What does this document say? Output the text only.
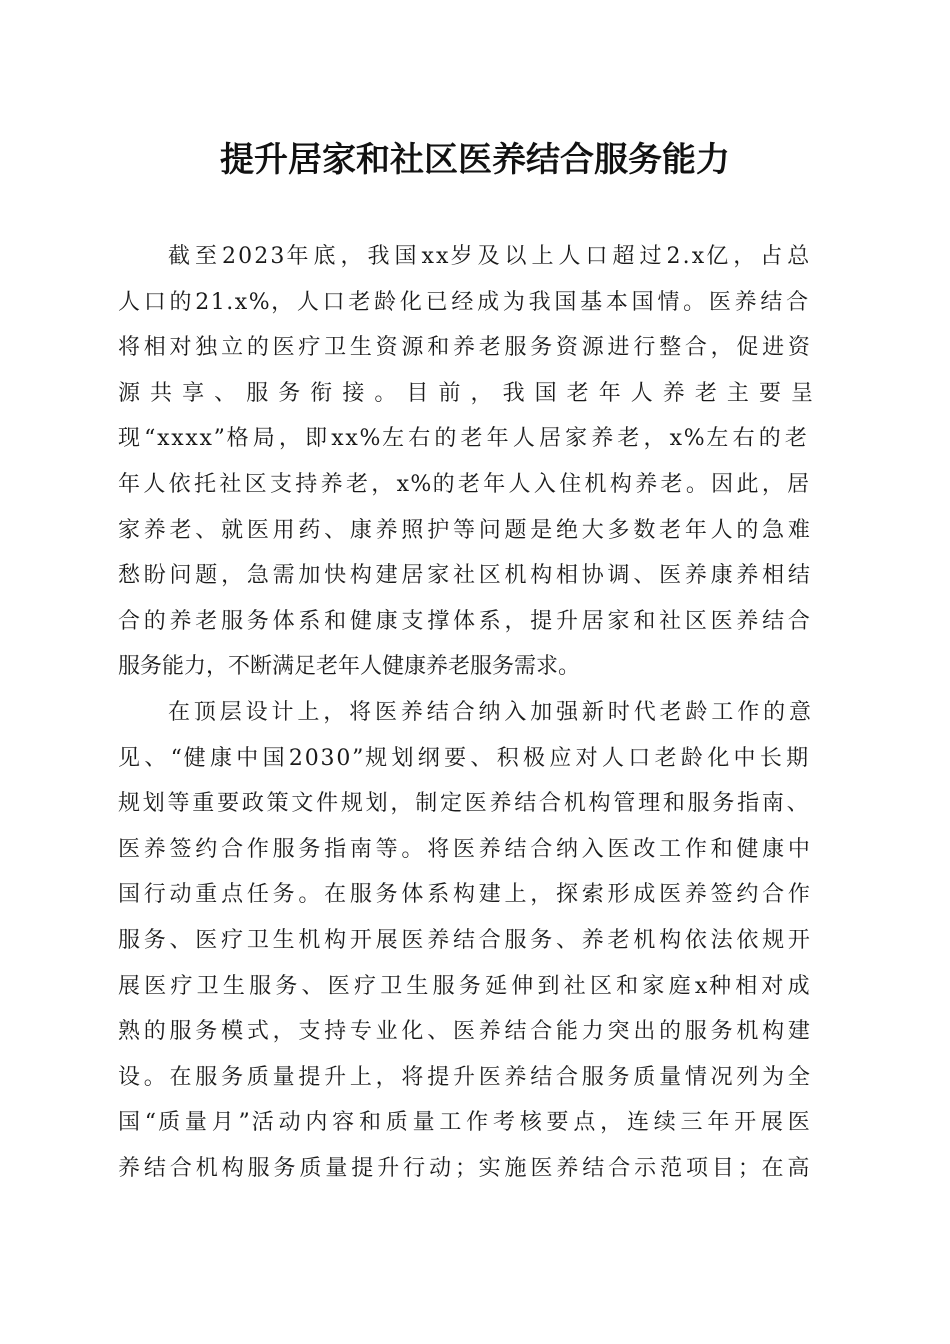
提升居家和社区医养结合服务能力
截 至 2 0 2 3 年 底 ， 我 国 x x 岁 及 以 上 人 口 超 过 2 . x 亿 ， 占 总
人 口 的 2 1 . x % ， 人 口 老 龄 化 已 经 成 为 我 国 基 本 国 情 。 医 养 结 合
将 相 对 独 立 的 医 疗 卫 生 资 源 和 养 老 服 务 资 源 进 行 整 合 ， 促 进 资
源 共 享 、 服 务 衔 接 。 目 前 ， 我 国 老 年 人 养 老 主 要 呈
现 “ x x x x ” 格 局 ， 即 x x % 左 右 的 老 年 人 居 家 养 老 ， x % 左 右 的 老
年 人 依 托 社 区 支 持 养 老 ， x % 的 老 年 人 入 住 机 构 养 老 。 因 此 ， 居
家 养 老 、 就 医 用 药 、 康 养 照 护 等 问 题 是 绝 大 多 数 老 年 人 的 急 难
愁 盼 问 题 ， 急 需 加 快 构 建 居 家 社 区 机 构 相 协 调 、 医 养 康 养 相 结
合 的 养 老 服 务 体 系 和 健 康 支 撑 体 系 ， 提 升 居 家 和 社 区 医 养 结 合
服务能力，不断满足老年人健康养老服务需求。
在 顶 层 设 计 上 ， 将 医 养 结 合 纳 入 加 强 新 时 代 老 龄 工 作 的 意
见 、 “ 健 康 中 国 2 0 3 0 ” 规 划 纲 要 、 积 极 应 对 人 口 老 龄 化 中 长 期
规 划 等 重 要 政 策 文 件 规 划 ， 制 定 医 养 结 合 机 构 管 理 和 服 务 指 南 、
医 养 签 约 合 作 服 务 指 南 等 。 将 医 养 结 合 纳 入 医 改 工 作 和 健 康 中
国 行 动 重 点 任 务 。 在 服 务 体 系 构 建 上 ， 探 索 形 成 医 养 签 约 合 作
服 务 、 医 疗 卫 生 机 构 开 展 医 养 结 合 服 务 、 养 老 机 构 依 法 依 规 开
展 医 疗 卫 生 服 务 、 医 疗 卫 生 服 务 延 伸 到 社 区 和 家 庭 x 种 相 对 成
熟 的 服 务 模 式 ， 支 持 专 业 化 、 医 养 结 合 能 力 突 出 的 服 务 机 构 建
设 。 在 服 务 质 量 提 升 上 ， 将 提 升 医 养 结 合 服 务 质 量 情 况 列 为 全
国 “ 质 量 月 ” 活 动 内 容 和 质 量 工 作 考 核 要 点 ， 连 续 三 年 开 展 医
养 结 合 机 构 服 务 质 量 提 升 行 动 ； 实 施 医 养 结 合 示 范 项 目 ； 在 高
